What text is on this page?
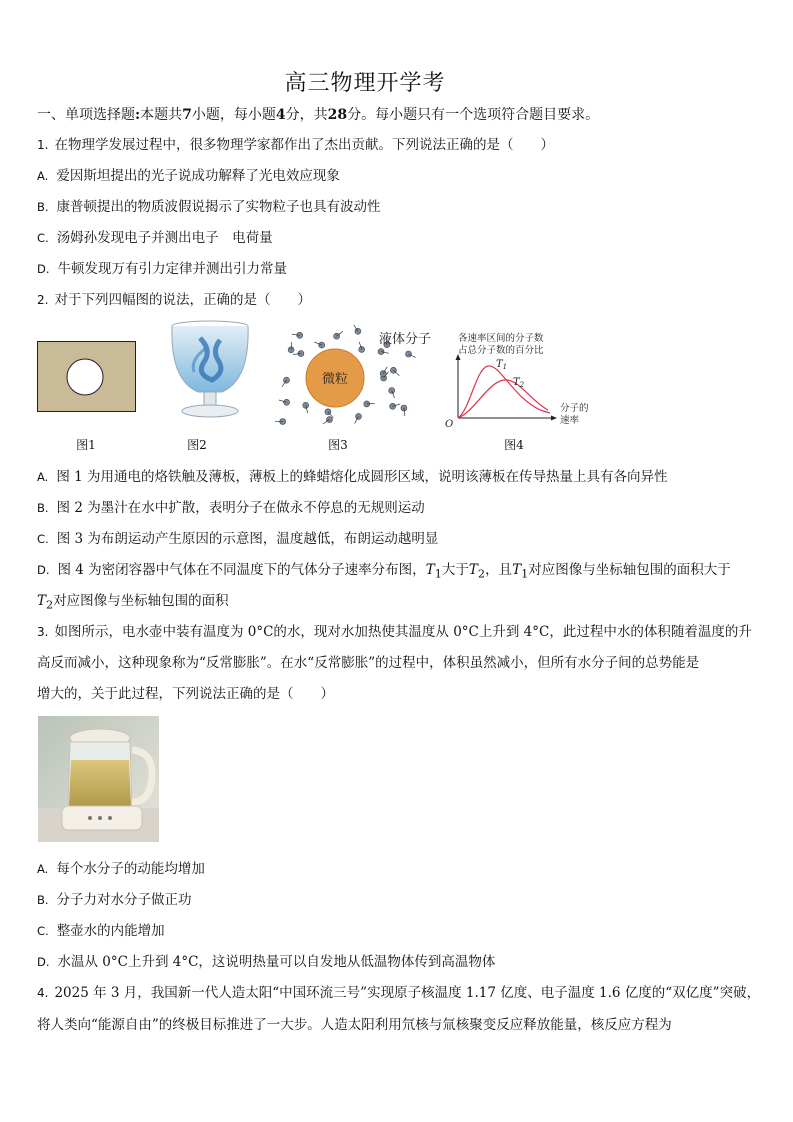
高三物理开学考
一、单项选择题:本题共7小题，每小题4分，共28分。每小题只有一个选项符合题目要求。
1. 在物理学发展过程中，很多物理学家都作出了杰出贡献。下列说法正确的是（　　）
A. 爱因斯坦提出的光子说成功解释了光电效应现象
B. 康普顿提出的物质波假说揭示了实物粒子也具有波动性
C. 汤姆孙发现电子并测出电子　电荷量
D. 牛顿发现万有引力定律并测出引力常量
2. 对于下列四幅图的说法，正确的是（　　）
图1	图2
微粒
液体分子
图3
各速率区间的分子数
占总分子数的百分比
$T_1$
$T_2$
分子的
速率
O
图4
A. 图 1 为用通电的烙铁触及薄板，薄板上的蜂蜡熔化成圆形区域，说明该薄板在传导热量上具有各向异性
B. 图 2 为墨汁在水中扩散，表明分子在做永不停息的无规则运动
C. 图 3 为布朗运动产生原因的示意图，温度越低，布朗运动越明显
D. 图 4 为密闭容器中气体在不同温度下的气体分子速率分布图，$T_1$大于$T_2$，且$T_1$对应图像与坐标轴包围的面积大于
$T_2$对应图像与坐标轴包围的面积
3. 如图所示，电水壶中装有温度为 0°C的水，现对水加热使其温度从 0°C上升到 4°C，此过程中水的体积随着温度的升
高反而减小，这种现象称为“反常膨胀”。在水“反常膨胀”的过程中，体积虽然减小，但所有水分子间的总势能是
增大的，关于此过程，下列说法正确的是（　　）
A. 每个水分子的动能均增加
B. 分子力对水分子做正功
C. 整壶水的内能增加
D. 水温从 0°C上升到 4°C，这说明热量可以自发地从低温物体传到高温物体
4. 2025 年 3 月，我国新一代人造太阳“中国环流三号”实现原子核温度 1.17 亿度、电子温度 1.6 亿度的“双亿度”突破，
将人类向“能源自由”的终极目标推进了一大步。人造太阳利用氘核与氚核聚变反应释放能量，核反应方程为
